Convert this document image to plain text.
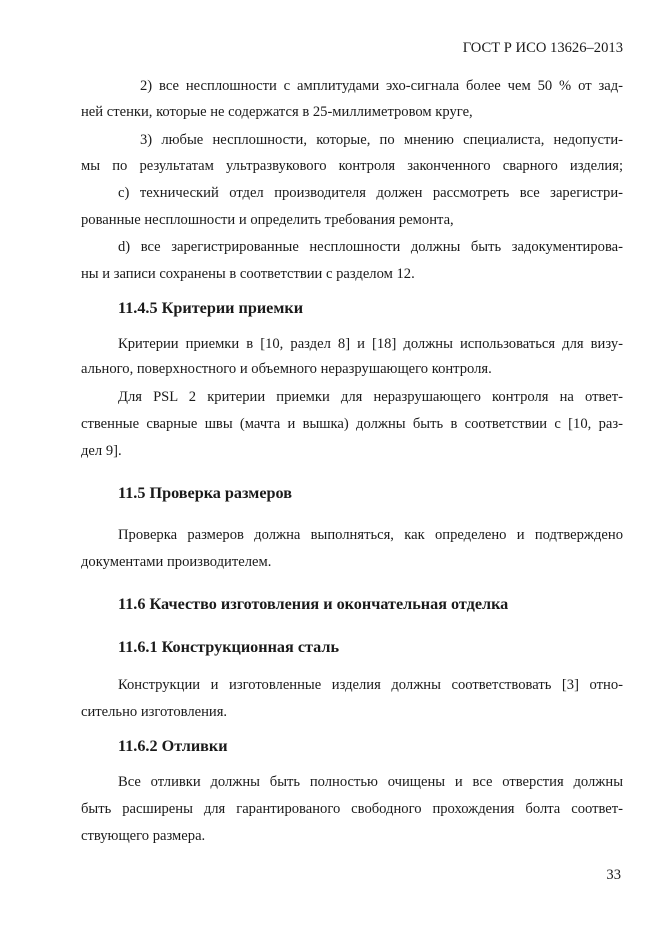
ГОСТ Р ИСО 13626–2013
2) все несплошности с амплитудами эхо-сигнала более чем 50 % от зад-
ней стенки, которые не содержатся в 25-миллиметровом круге,
3) любые несплошности, которые, по мнению специалиста, недопусти-
мы по результатам ультразвукового контроля законченного сварного изделия;
c) технический отдел производителя должен рассмотреть все зарегистри-
рованные несплошности и определить требования ремонта,
d) все зарегистрированные несплошности должны быть задокументирова-
ны и записи сохранены в соответствии с разделом 12.
11.4.5 Критерии приемки
Критерии приемки в [10, раздел 8] и [18] должны использоваться для визу-
ального, поверхностного и объемного неразрушающего контроля.
Для PSL 2 критерии приемки для неразрушающего контроля на ответ-
ственные сварные швы (мачта и вышка) должны быть в соответствии с [10, раз-
дел 9].
11.5 Проверка размеров
Проверка размеров должна выполняться, как определено и подтверждено
документами производителем.
11.6 Качество изготовления и окончательная отделка
11.6.1 Конструкционная сталь
Конструкции и изготовленные изделия должны соответствовать [3] отно-
сительно изготовления.
11.6.2 Отливки
Все отливки должны быть полностью очищены и все отверстия должны
быть расширены для гарантированого свободного прохождения болта соответ-
ствующего размера.
33
